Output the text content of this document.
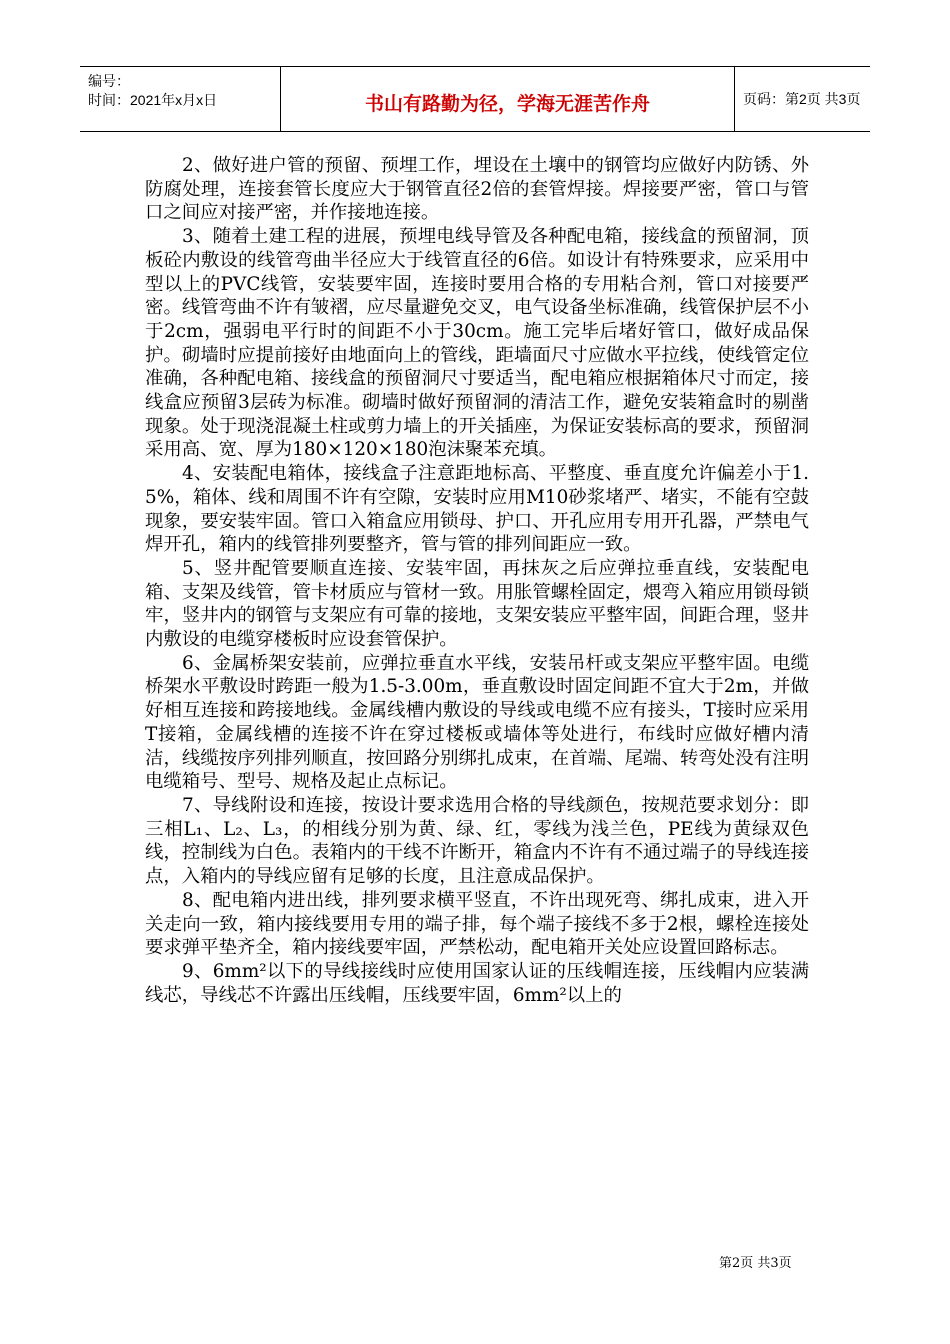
编号：
时间：2021年x月x日	书山有路勤为径，学海无涯苦作舟	页码：第2页 共3页

2、做好进户管的预留、预埋工作，埋设在土壤中的钢管均应做好内防锈、外防腐处理，连接套管长度应大于钢管直径2倍的套管焊接。焊接要严密，管口与管口之间应对接严密，并作接地连接。

3、随着土建工程的进展，预埋电线导管及各种配电箱，接线盒的预留洞，顶板砼内敷设的线管弯曲半径应大于线管直径的6倍。如设计有特殊要求，应采用中型以上的PVC线管，安装要牢固，连接时要用合格的专用粘合剂，管口对接要严密。线管弯曲不许有皱褶，应尽量避免交叉，电气设备坐标准确，线管保护层不小于2cm，强弱电平行时的间距不小于30cm。施工完毕后堵好管口，做好成品保护。砌墙时应提前接好由地面向上的管线，距墙面尺寸应做水平拉线，使线管定位准确，各种配电箱、接线盒的预留洞尺寸要适当，配电箱应根据箱体尺寸而定，接线盒应预留3层砖为标准。砌墙时做好预留洞的清洁工作，避免安装箱盒时的剔凿现象。处于现浇混凝土柱或剪力墙上的开关插座，为保证安装标高的要求，预留洞采用高、宽、厚为180×120×180泡沫聚苯充填。

4、安装配电箱体，接线盒子注意距地标高、平整度、垂直度允许偏差小于1.5%，箱体、线和周围不许有空隙，安装时应用M10砂浆堵严、堵实，不能有空鼓现象，要安装牢固。管口入箱盒应用锁母、护口、开孔应用专用开孔器，严禁电气焊开孔，箱内的线管排列要整齐，管与管的排列间距应一致。

5、竖井配管要顺直连接、安装牢固，再抹灰之后应弹拉垂直线，安装配电箱、支架及线管，管卡材质应与管材一致。用胀管螺栓固定，煨弯入箱应用锁母锁牢，竖井内的钢管与支架应有可靠的接地，支架安装应平整牢固，间距合理，竖井内敷设的电缆穿楼板时应设套管保护。

6、金属桥架安装前，应弹拉垂直水平线，安装吊杆或支架应平整牢固。电缆桥架水平敷设时跨距一般为1.5-3.00m，垂直敷设时固定间距不宜大于2m，并做好相互连接和跨接地线。金属线槽内敷设的导线或电缆不应有接头，T接时应采用T接箱，金属线槽的连接不许在穿过楼板或墙体等处进行，布线时应做好槽内清洁，线缆按序列排列顺直，按回路分别绑扎成束，在首端、尾端、转弯处没有注明电缆箱号、型号、规格及起止点标记。

7、导线附设和连接，按设计要求选用合格的导线颜色，按规范要求划分：即三相L₁、L₂、L₃，的相线分别为黄、绿、红，零线为浅兰色，PE线为黄绿双色线，控制线为白色。表箱内的干线不许断开，箱盒内不许有不通过端子的导线连接点，入箱内的导线应留有足够的长度，且注意成品保护。

8、配电箱内进出线，排列要求横平竖直，不许出现死弯、绑扎成束，进入开关走向一致，箱内接线要用专用的端子排，每个端子接线不多于2根，螺栓连接处要求弹平垫齐全，箱内接线要牢固，严禁松动，配电箱开关处应设置回路标志。

9、6mm²以下的导线接线时应使用国家认证的压线帽连接，压线帽内应装满线芯，导线芯不许露出压线帽，压线要牢固，6mm²以上的

第2页 共3页
